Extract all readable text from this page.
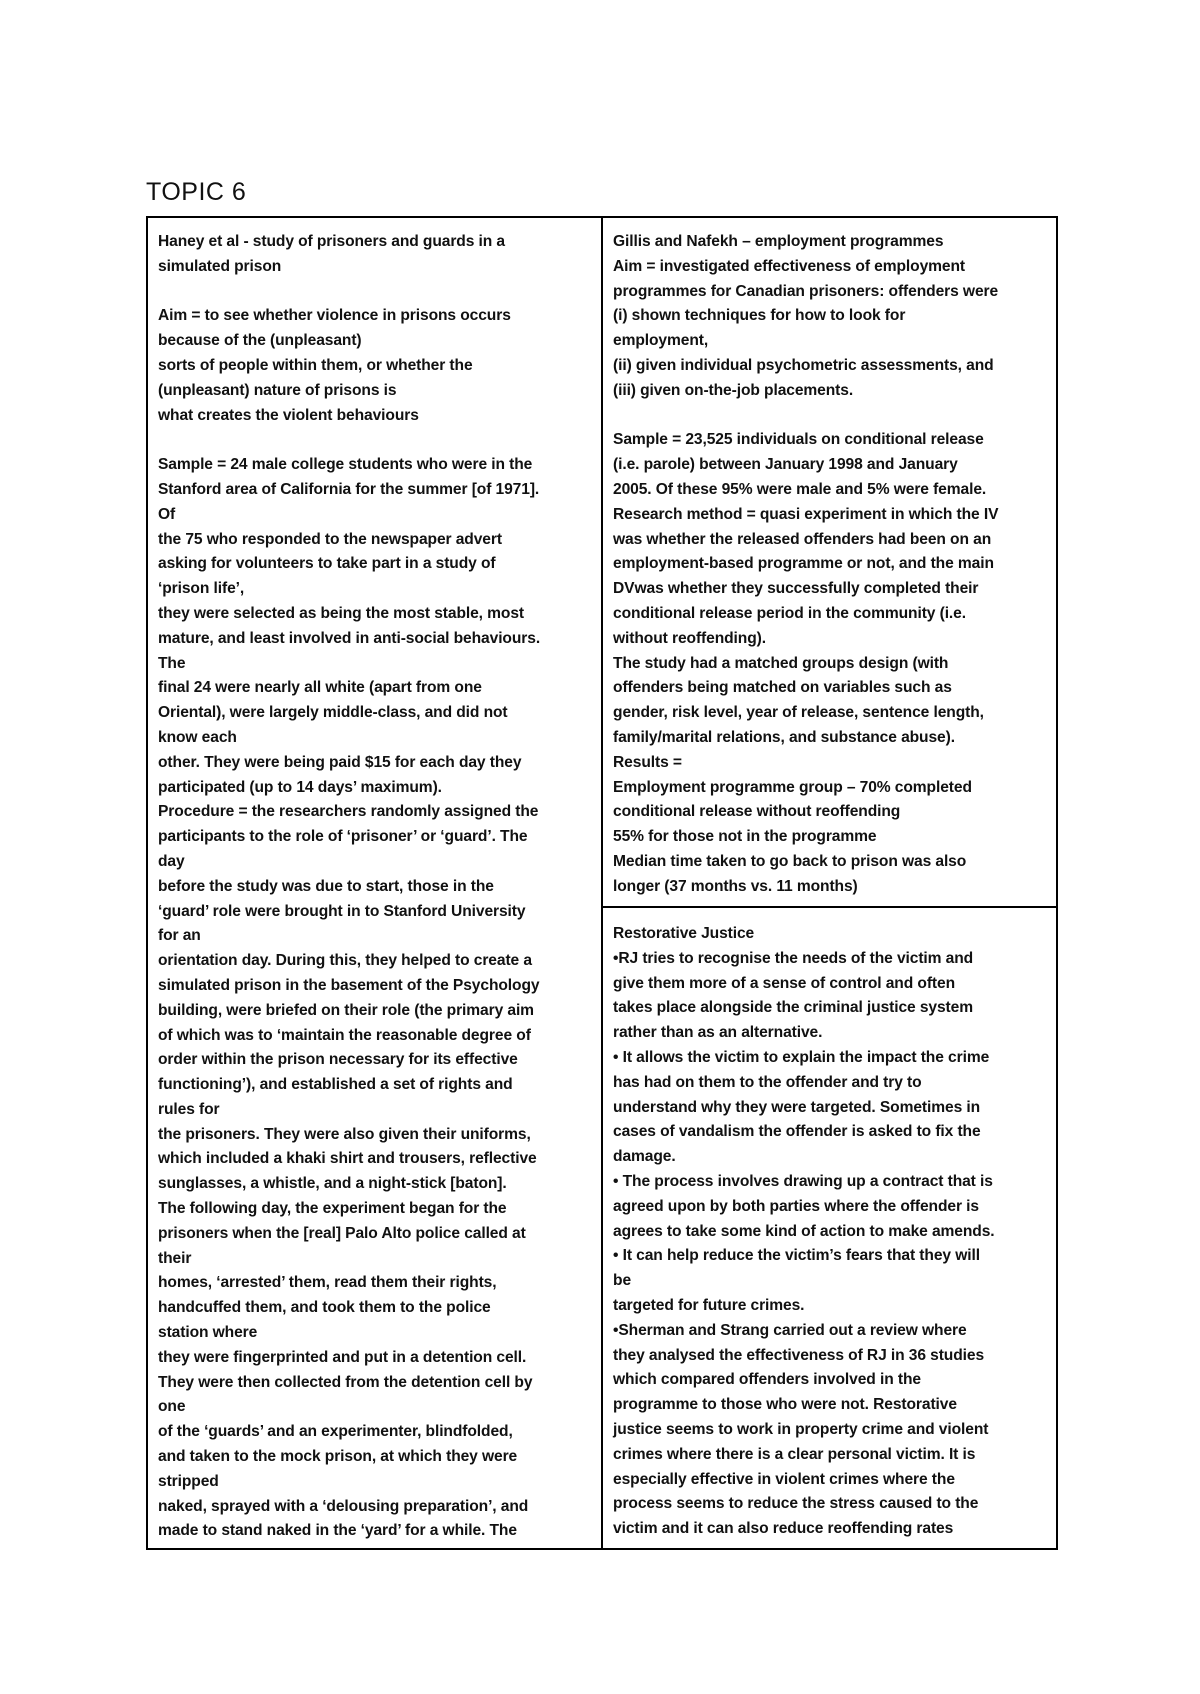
TOPIC 6
Haney et al - study of prisoners and guards in a
simulated prison
Aim = to see whether violence in prisons occurs
because of the (unpleasant)
sorts of people within them, or whether the
(unpleasant) nature of prisons is
what creates the violent behaviours
Sample = 24 male college students who were in the
Stanford area of California for the summer [of 1971].
Of
the 75 who responded to the newspaper advert
asking for volunteers to take part in a study of
‘prison life’,
they were selected as being the most stable, most
mature, and least involved in anti-social behaviours.
The
final 24 were nearly all white (apart from one
Oriental), were largely middle-class, and did not
know each
other. They were being paid $15 for each day they
participated (up to 14 days’ maximum).
Procedure = the researchers randomly assigned the
participants to the role of ‘prisoner’ or ‘guard’. The
day
before the study was due to start, those in the
‘guard’ role were brought in to Stanford University
for an
orientation day. During this, they helped to create a
simulated prison in the basement of the Psychology
building, were briefed on their role (the primary aim
of which was to ‘maintain the reasonable degree of
order within the prison necessary for its effective
functioning’), and established a set of rights and
rules for
the prisoners. They were also given their uniforms,
which included a khaki shirt and trousers, reflective
sunglasses, a whistle, and a night-stick [baton].
The following day, the experiment began for the
prisoners when the [real] Palo Alto police called at
their
homes, ‘arrested’ them, read them their rights,
handcuffed them, and took them to the police
station where
they were fingerprinted and put in a detention cell.
They were then collected from the detention cell by
one
of the ‘guards’ and an experimenter, blindfolded,
and taken to the mock prison, at which they were
stripped
naked, sprayed with a ‘delousing preparation’, and
made to stand naked in the ‘yard’ for a while. The
Gillis and Nafekh – employment programmes
Aim = investigated effectiveness of employment
programmes for Canadian prisoners: offenders were
(i) shown techniques for how to look for
employment,
(ii) given individual psychometric assessments, and
(iii) given on-the-job placements.
Sample = 23,525 individuals on conditional release
(i.e. parole) between January 1998 and January
2005. Of these 95% were male and 5% were female.
Research method = quasi experiment in which the IV
was whether the released offenders had been on an
employment-based programme or not, and the main
DVwas whether they successfully completed their
conditional release period in the community (i.e.
without reoffending).
The study had a matched groups design (with
offenders being matched on variables such as
gender, risk level, year of release, sentence length,
family/marital relations, and substance abuse).
Results =
Employment programme group – 70% completed
conditional release without reoffending
55% for those not in the programme
Median time taken to go back to prison was also
longer (37 months vs. 11 months)
Restorative Justice
•RJ tries to recognise the needs of the victim and
give them more of a sense of control and often
takes place alongside the criminal justice system
rather than as an alternative.
• It allows the victim to explain the impact the crime
has had on them to the offender and try to
understand why they were targeted. Sometimes in
cases of vandalism the offender is asked to fix the
damage.
• The process involves drawing up a contract that is
agreed upon by both parties where the offender is
agrees to take some kind of action to make amends.
• It can help reduce the victim’s fears that they will
be
targeted for future crimes.
•Sherman and Strang carried out a review where
they analysed the effectiveness of RJ in 36 studies
which compared offenders involved in the
programme to those who were not. Restorative
justice seems to work in property crime and violent
crimes where there is a clear personal victim. It is
especially effective in violent crimes where the
process seems to reduce the stress caused to the
victim and it can also reduce reoffending rates
